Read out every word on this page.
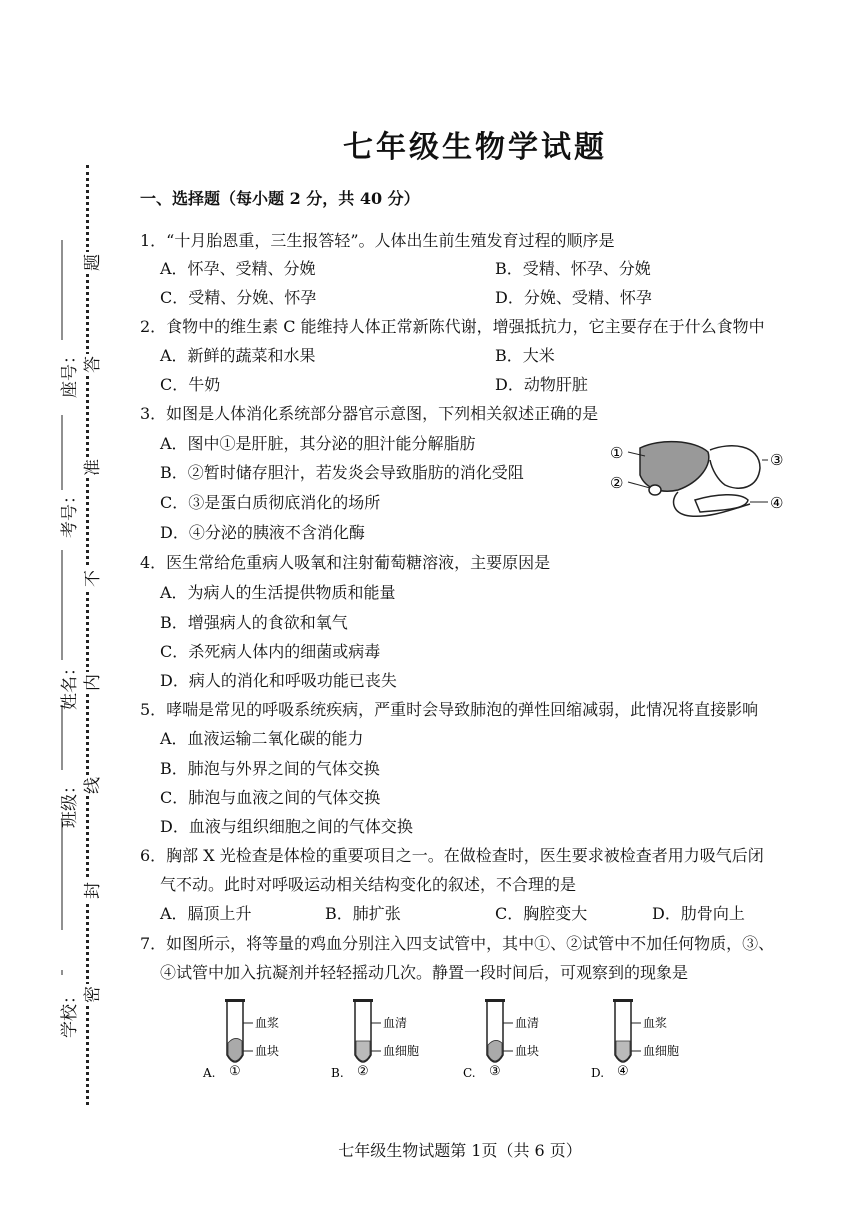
七年级生物学试题
题
答
准
不
内
线
封
密
座号：
考号：
姓名：
班级：
学校：
一、选择题（每小题 2 分，共 40 分）
1．“十月胎恩重，三生报答轻”。人体出生前生殖发育过程的顺序是
A．怀孕、受精、分娩	B．受精、怀孕、分娩
C．受精、分娩、怀孕	D．分娩、受精、怀孕
2．食物中的维生素 C 能维持人体正常新陈代谢，增强抵抗力，它主要存在于什么食物中
A．新鲜的蔬菜和水果	B．大米
C．牛奶	D．动物肝脏
3．如图是人体消化系统部分器官示意图，下列相关叙述正确的是
A．图中①是肝脏，其分泌的胆汁能分解脂肪
B．②暂时储存胆汁，若发炎会导致脂肪的消化受阻
C．③是蛋白质彻底消化的场所
D．④分泌的胰液不含消化酶
①
②
③
④
4．医生常给危重病人吸氧和注射葡萄糖溶液，主要原因是
A．为病人的生活提供物质和能量
B．增强病人的食欲和氧气
C．杀死病人体内的细菌或病毒
D．病人的消化和呼吸功能已丧失
5．哮喘是常见的呼吸系统疾病，严重时会导致肺泡的弹性回缩减弱，此情况将直接影响
A．血液运输二氧化碳的能力
B．肺泡与外界之间的气体交换
C．肺泡与血液之间的气体交换
D．血液与组织细胞之间的气体交换
6．胸部 X 光检查是体检的重要项目之一。在做检查时，医生要求被检查者用力吸气后闭
气不动。此时对呼吸运动相关结构变化的叙述，不合理的是
A．膈顶上升	B．肺扩张	C．胸腔变大	D．肋骨向上
7．如图所示，将等量的鸡血分别注入四支试管中，其中①、②试管中不加任何物质，③、
④试管中加入抗凝剂并轻轻摇动几次。静置一段时间后，可观察到的现象是
血浆
血块
A. ①
血清
血细胞
B. ②
血清
血块
C. ③
血浆
血细胞
D. ④
七年级生物试题第 1页（共 6 页）
